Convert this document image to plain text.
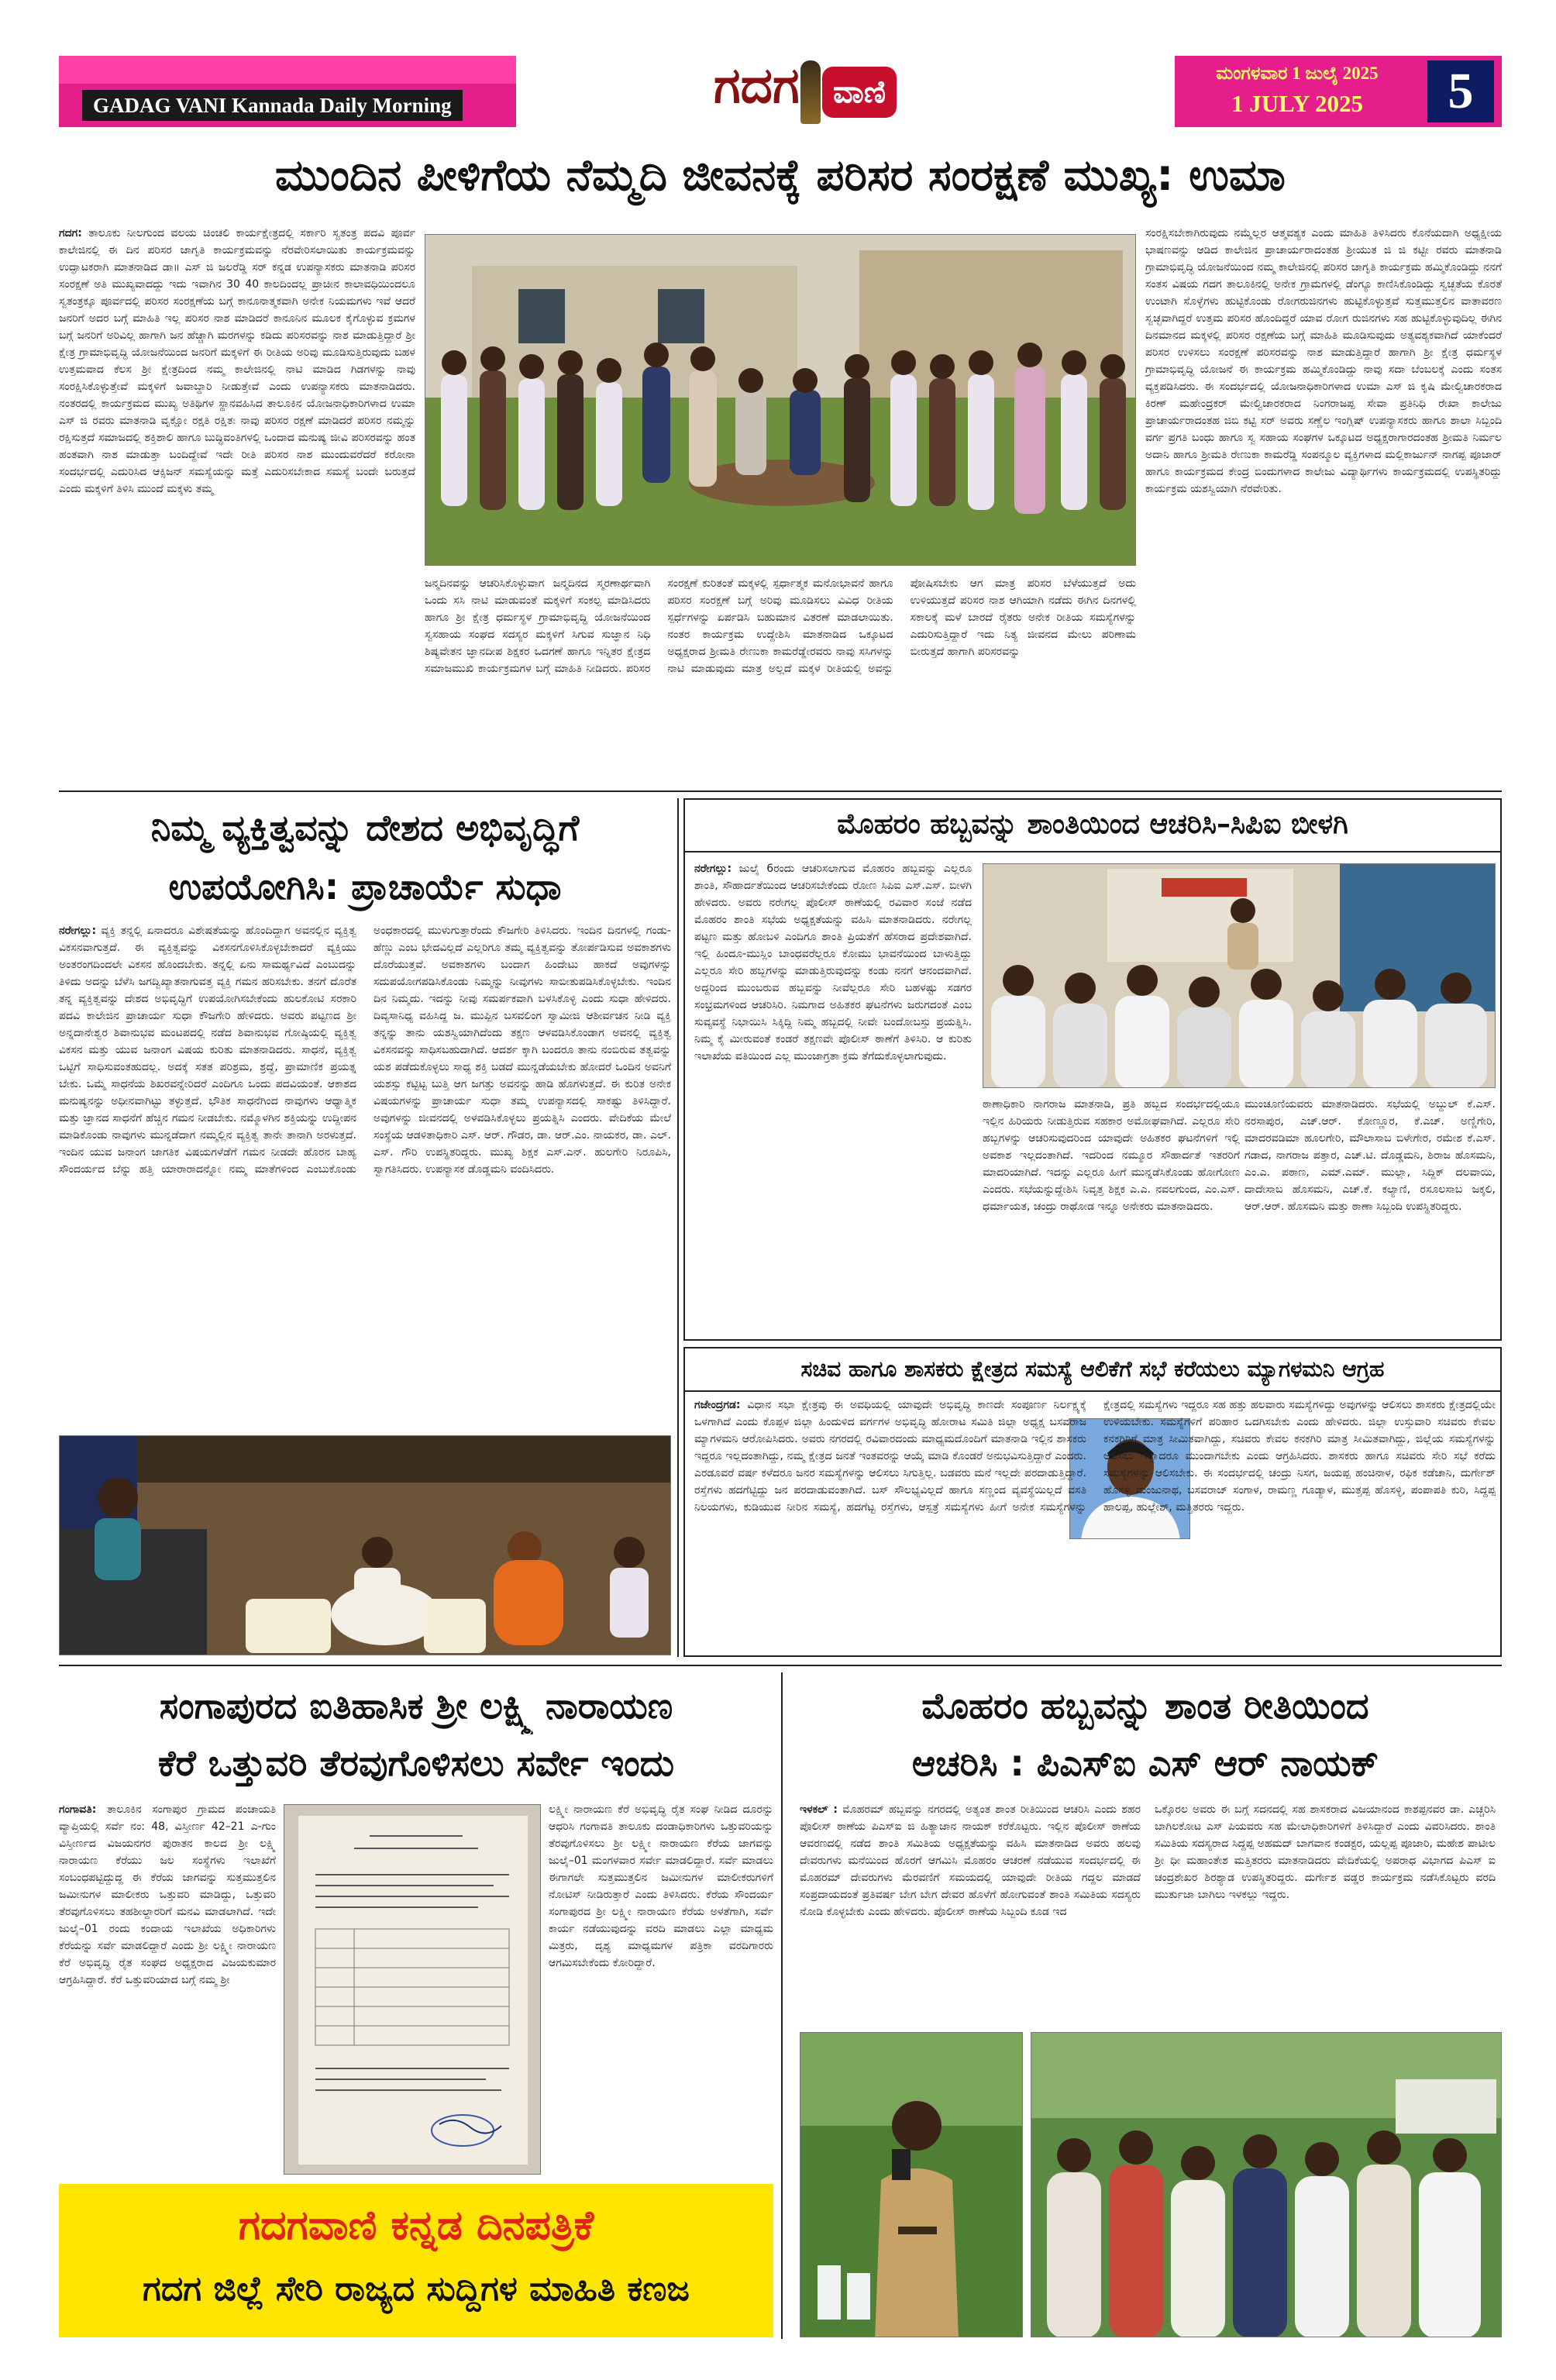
GADAG VANI Kannada Daily Morning	ಗದಗ	ವಾಣಿ
ಮಂಗಳವಾರ 1 ಜುಲೈ 2025
1 JULY 2025	5
ಮುಂದಿನ ಪೀಳಿಗೆಯ ನೆಮ್ಮದಿ ಜೀವನಕ್ಕೆ ಪರಿಸರ ಸಂರಕ್ಷಣೆ ಮುಖ್ಯ: ಉಮಾ
ಗದಗ: ತಾಲೂಕು ನೀಲಗುಂದ ವಲಯ ಚಿಂಚಲಿ ಕಾರ್ಯಕ್ಷೇತ್ರದಲ್ಲಿ ಸರ್ಕಾರಿ ಸ್ವತಂತ್ರ ಪದವಿ ಪೂರ್ವ ಕಾಲೇಜಿನಲ್ಲಿ ಈ ದಿನ ಪರಿಸರ ಜಾಗೃತಿ ಕಾರ್ಯಕ್ರಮವನ್ನು ನೆರವೇರಿಸಲಾಯಿತು ಕಾರ್ಯಕ್ರಮವನ್ನು ಉದ್ಘಾಟಕರಾಗಿ ಮಾತನಾಡಿದ ಡಾ॥ ಎಸ್ ಜಿ ಜಲರೆಡ್ಡಿ ಸರ್ ಕನ್ನಡ ಉಪನ್ಯಾಸಕರು ಮಾತನಾಡಿ ಪರಿಸರ ಸಂರಕ್ಷಣೆ ಅತಿ ಮುಖ್ಯವಾದದ್ದು ಇದು ಇವಾಗಿನ 30 40 ಕಾಲದಿಂದಲ್ಲ ಪ್ರಾಚೀನ ಕಾಲಾವಧಿಯಿಂದಲೂ ಸ್ವತಂತ್ರಕ್ಕೂ ಪೂರ್ವದಲ್ಲಿ ಪರಿಸರ ಸಂರಕ್ಷಣೆಯ ಬಗ್ಗೆ ಕಾನೂನಾತ್ಮಕವಾಗಿ ಅನೇಕ ನಿಯಮಗಳು ಇವೆ ಆದರೆ ಜನರಿಗೆ ಅದರ ಬಗ್ಗೆ ಮಾಹಿತಿ ಇಲ್ಲ ಪರಿಸರ ನಾಶ ಮಾಡಿದರೆ ಕಾನೂನಿನ ಮೂಲಕ ಕೈಗೊಳ್ಳುವ ಕ್ರಮಗಳ ಬಗ್ಗೆ ಜನರಿಗೆ ಅರಿವಿಲ್ಲ ಹಾಗಾಗಿ ಜನ ಹೆಚ್ಚಾಗಿ ಮರಗಳನ್ನು ಕಡಿದು ಪರಿಸರವನ್ನು ನಾಶ ಮಾಡುತ್ತಿದ್ದಾರೆ ಶ್ರೀ ಕ್ಷೇತ್ರ ಗ್ರಾಮಾಭಿವೃದ್ಧಿ ಯೋಜನೆಯಿಂದ ಜನರಿಗೆ ಮಕ್ಕಳಿಗೆ ಈ ರೀತಿಯ ಅರಿವು ಮೂಡಿಸುತ್ತಿರುವುದು ಬಹಳ ಉತ್ತಮವಾದ ಕೆಲಸ ಶ್ರೀ ಕ್ಷೇತ್ರದಿಂದ ನಮ್ಮ ಕಾಲೇಜಿನಲ್ಲಿ ನಾಟಿ ಮಾಡಿದ ಗಿಡಗಳನ್ನು ನಾವು ಸಂರಕ್ಷಿಸಿಕೊಳ್ಳುತ್ತೇವೆ ಮಕ್ಕಳಿಗೆ ಜವಾಬ್ದಾರಿ ನೀಡುತ್ತೇವೆ ಎಂದು ಉಪನ್ಯಾಸಕರು ಮಾತನಾಡಿದರು. ನಂತರದಲ್ಲಿ ಕಾರ್ಯಕ್ರಮದ ಮುಖ್ಯ ಅತಿಥಿಗಳ ಸ್ಥಾನವಹಿಸಿದ ತಾಲೂಕಿನ ಯೋಜನಾಧಿಕಾರಿಗಳಾದ ಉಮಾ ಎಸ್ ಜಿ ರವರು ಮಾತನಾಡಿ ವೃಕ್ಷೋ ರಕ್ಷತಿ ರಕ್ಷಿತಃ ನಾವು ಪರಿಸರ ರಕ್ಷಣೆ ಮಾಡಿದರೆ ಪರಿಸರ ನಮ್ಮನ್ನು ರಕ್ಷಿಸುತ್ತದೆ ಸಮಾಜದಲ್ಲಿ ಶಕ್ತಿಶಾಲಿ ಹಾಗೂ ಬುದ್ಧಿವಂತಿಗಳಲ್ಲಿ ಒಂದಾದ ಮನುಷ್ಯ ಜೀವಿ ಪರಿಸರವನ್ನು ಹಂತ ಹಂತವಾಗಿ ನಾಶ ಮಾಡುತ್ತಾ ಬಂದಿದ್ದೇವೆ ಇದೇ ರೀತಿ ಪರಿಸರ ನಾಶ ಮುಂದುವರೆದರೆ ಕರೋನಾ ಸಂದರ್ಭದಲ್ಲಿ ಎದುರಿಸಿದ ಆಕ್ಸಿಜನ್ ಸಮಸ್ಯೆಯನ್ನು ಮತ್ತೆ ಎದುರಿಸಬೇಕಾದ ಸಮಸ್ಯೆ ಬಂದೇ ಬರುತ್ತದೆ ಎಂದು ಮಕ್ಕಳಿಗೆ ತಿಳಿಸಿ ಮುಂದೆ ಮಕ್ಕಳು ತಮ್ಮ
ಜನ್ಮದಿನವನ್ನು ಆಚರಿಸಿಕೊಳ್ಳುವಾಗ ಜನ್ಮದಿನದ ಸ್ಮರಣಾರ್ಥವಾಗಿ ಒಂದು ಸಸಿ ನಾಟಿ ಮಾಡುವಂತೆ ಮಕ್ಕಳಿಗೆ ಸಂಕಲ್ಪ ಮಾಡಿಸಿದರು ಹಾಗೂ ಶ್ರೀ ಕ್ಷೇತ್ರ ಧರ್ಮಸ್ಥಳ ಗ್ರಾಮಾಭಿವೃದ್ಧಿ ಯೋಜನೆಯಿಂದ ಸ್ವಸಹಾಯ ಸಂಘದ ಸದಸ್ಯರ ಮಕ್ಕಳಿಗೆ ಸಿಗುವ ಸುಜ್ಞಾನ ನಿಧಿ ಶಿಷ್ಯವೇತನ ಜ್ಞಾನದೀಪ ಶಿಕ್ಷಕರ ಒದಗಣೆ ಹಾಗೂ ಇನ್ನಿತರ ಕ್ಷೇತ್ರದ ಸಮಾಜಮುಖಿ ಕಾರ್ಯಕ್ರಮಗಳ ಬಗ್ಗೆ ಮಾಹಿತಿ ನೀಡಿದರು. ಪರಿಸರ ಸಂರಕ್ಷಣೆ ಕುರಿತಂತೆ ಮಕ್ಕಳಲ್ಲಿ ಸ್ಪರ್ಧಾತ್ಮಕ ಮನೋಭಾವನೆ ಹಾಗೂ ಪರಿಸರ ಸಂರಕ್ಷಣೆ ಬಗ್ಗೆ ಅರಿವು ಮೂಡಿಸಲು ವಿವಿಧ ರೀತಿಯ ಸ್ಪರ್ಧೆಗಳನ್ನು ಏರ್ಪಡಿಸಿ ಬಹುಮಾನ ವಿತರಣೆ ಮಾಡಲಾಯಿತು. ನಂತರ ಕಾರ್ಯಕ್ರಮ ಉದ್ದೇಶಿಸಿ ಮಾತನಾಡಿದ ಒಕ್ಕೂಟದ ಅಧ್ಯಕ್ಷರಾದ ಶ್ರೀಮತಿ ರೇಣುಕಾ ಕಾಮರೆಡ್ಡೇರವರು ನಾವು ಸಸಿಗಳನ್ನು ನಾಟಿ ಮಾಡುವುದು ಮಾತ್ರ ಅಲ್ಲದೆ ಮಕ್ಕಳ ರೀತಿಯಲ್ಲಿ ಅವನ್ನು ಪೋಷಿಸಬೇಕು ಆಗ ಮಾತ್ರ ಪರಿಸರ ಬೆಳೆಯುತ್ತದೆ ಅದು ಉಳಿಯುತ್ತದೆ ಪರಿಸರ ನಾಶ ಆಗಿಯಾಗಿ ನಡೆದು ಈಗಿನ ದಿನಗಳಲ್ಲಿ ಸಕಾಲಕ್ಕೆ ಮಳೆ ಬಾರದೆ ರೈತರು ಅನೇಕ ರೀತಿಯ ಸಮಸ್ಯೆಗಳನ್ನು ಎದುರಿಸುತ್ತಿದ್ದಾರೆ ಇದು ನಿತ್ಯ ಜೀವನದ ಮೇಲು ಪರಿಣಾಮ ಬೀರುತ್ತದೆ ಹಾಗಾಗಿ ಪರಿಸರವನ್ನು
ಸಂರಕ್ಷಿಸಬೇಕಾಗಿರುವುದು ನಮ್ಮೆಲ್ಲರ ಆತ್ಮವಶ್ಯಕ ಎಂದು ಮಾಹಿತಿ ತಿಳಿಸಿದರು ಕೊನೆಯದಾಗಿ ಅಧ್ಯಕ್ಷೀಯ ಭಾಷಣವನ್ನು ಆಡಿದ ಕಾಲೇಜಿನ ಪ್ರಾಚಾರ್ಯರಾದಂತಹ ಶ್ರೀಯುತ ಜಿ ಜಿ ಕಟ್ಟೀ ರವರು ಮಾತನಾಡಿ ಗ್ರಾಮಾಭಿವೃದ್ಧಿ ಯೋಜನೆಯಿಂದ ನಮ್ಮ ಕಾಲೇಜಿನಲ್ಲಿ ಪರಿಸರ ಜಾಗೃತಿ ಕಾರ್ಯಕ್ರಮ ಹಮ್ಮಿಕೊಂಡಿದ್ದು ನನಗೆ ಸಂತಸ ವಿಷಯ ಗದಗ ತಾಲೂಕಿನಲ್ಲಿ ಅನೇಕ ಗ್ರಾಮಗಳಲ್ಲಿ ಡೆಂಗ್ಯೂ ಕಾಣಿಸಿಕೊಂಡಿದ್ದು ಸ್ವಚ್ಛತೆಯ ಕೊರತೆ ಉಂಟಾಗಿ ಸೊಳ್ಳೆಗಳು ಹುಟ್ಟಿಕೊಂಡು ರೋಗರುಜಿನಗಳು ಹುಟ್ಟಿಕೊಳ್ಳುತ್ತವೆ ಸುತ್ತಮುತ್ತಲಿನ ವಾತಾವರಣ ಸ್ವಚ್ಛವಾಗಿದ್ದರೆ ಉತ್ತಮ ಪರಿಸರ ಹೊಂದಿದ್ದರೆ ಯಾವ ರೋಗ ರುಜಿನಗಳು ಸಹ ಹುಟ್ಟಿಕೊಳ್ಳುವುದಿಲ್ಲ ಈಗಿನ ದಿನಮಾನದ ಮಕ್ಕಳಲ್ಲಿ ಪರಿಸರ ರಕ್ಷಣೆಯ ಬಗ್ಗೆ ಮಾಹಿತಿ ಮೂಡಿಸುವುದು ಅತ್ಯವಶ್ಯಕವಾಗಿದೆ ಯಾಕೆಂದರೆ ಪರಿಸರ ಉಳಿಸಲು ಸಂರಕ್ಷಣೆ ಪರಿಸರವನ್ನು ನಾಶ ಮಾಡುತ್ತಿದ್ದಾರೆ ಹಾಗಾಗಿ ಶ್ರೀ ಕ್ಷೇತ್ರ ಧರ್ಮಸ್ಥಳ ಗ್ರಾಮಾಭಿವೃದ್ಧಿ ಯೋಜನೆ ಈ ಕಾರ್ಯಕ್ರಮ ಹಮ್ಮಿಕೊಂಡಿದ್ದು ನಾವು ಸದಾ ಬೆಂಬಲಕ್ಕೆ ಎಂದು ಸಂತಸ ವ್ಯಕ್ತಪಡಿಸಿದರು. ಈ ಸಂದರ್ಭದಲ್ಲಿ ಯೋಜನಾಧಿಕಾರಿಗಳಾದ ಉಮಾ ಎಸ್ ಜಿ ಕೃಷಿ ಮೇಲ್ವಿಚಾರಕರಾದ ಕಿರಣ್ ಮಹೇಂದ್ರಕರ್ ಮೇಲ್ವಿಚಾರಕರಾದ ನಿಂಗರಾಜಪ್ಪ ಸೇವಾ ಪ್ರತಿನಿಧಿ ರೇಖಾ ಕಾಲೇಜು ಪ್ರಾಚಾರ್ಯರಾದಂತಹ ಜಿಬಿ ಕಟ್ಟಿ ಸರ್ ಅವರು ಸಣ್ಣೆಲ ಇಂಗ್ಲಿಷ್ ಉಪನ್ಯಾಸಕರು ಹಾಗೂ ಶಾಲಾ ಸಿಬ್ಬಂದಿ ವರ್ಗ ಪ್ರಗತಿ ಬಂಧು ಹಾಗೂ ಸ್ವ ಸಹಾಯ ಸಂಘಗಳ ಒಕ್ಕೂಟದ ಅಧ್ಯಕ್ಷರಾಗಾರದಂತಹ ಶ್ರೀಮತಿ ನಿರ್ಮಲ ಅದಾನಿ ಹಾಗೂ ಶ್ರೀಮತಿ ರೇಣುಕಾ ಕಾಮರೆಡ್ಡಿ ಸಂಪನ್ಮೂಲ ವ್ಯಕ್ತಿಗಳಾದ ಮಲ್ಲಿಕಾರ್ಜುನ್ ನಾಗಪ್ಪ ಪೂಜಾರ್ ಹಾಗೂ ಕಾರ್ಯಕ್ರಮದ ಕೇಂದ್ರ ಬಿಂದುಗಳಾದ ಕಾಲೇಜು ವಿದ್ಯಾರ್ಥಿಗಳು ಕಾರ್ಯಕ್ರಮದಲ್ಲಿ ಉಪಸ್ಥಿತರಿದ್ದು ಕಾರ್ಯಕ್ರಮ ಯಶಸ್ವಿಯಾಗಿ ನೆರವೇರಿತು.
ನಿಮ್ಮ ವ್ಯಕ್ತಿತ್ವವನ್ನು ದೇಶದ ಅಭಿವೃದ್ಧಿಗೆ
ಉಪಯೋಗಿಸಿ: ಪ್ರಾಚಾರ್ಯೆ ಸುಧಾ
ನರೇಗಲ್ಲು: ವ್ಯಕ್ತಿ ತನ್ನಲ್ಲಿ ಏನಾದರೂ ವಿಶೇಷತೆಯನ್ನು ಹೊಂದಿದ್ದಾಗ ಅವನಲ್ಲಿನ ವ್ಯಕ್ತಿತ್ವ ವಿಕಸನವಾಗುತ್ತದೆ. ಈ ವ್ಯಕ್ತಿತ್ವವನ್ನು ವಿಕಸನಗೊಳಿಸಿಕೊಳ್ಳಬೇಕಾದರೆ ವ್ಯಕ್ತಿಯು ಅಂತರಂಗದಿಂದಲೇ ವಿಕಸನ ಹೊಂದಬೇಕು. ತನ್ನಲ್ಲಿ ಏನು ಸಾಮರ್ಥ್ಯವಿದೆ ಎಂಬುದನ್ನು ತಿಳಿದು ಅದನ್ನು ಬೆಳೆಸಿ ಜಗದ್ವಿಖ್ಯಾತನಾಗುವತ್ತ ವ್ಯಕ್ತಿ ಗಮನ ಹರಿಸಬೇಕು. ತನಗೆ ದೊರೆತ ತನ್ನ ವ್ಯಕ್ತಿತ್ವವನ್ನು ದೇಶದ ಅಭಿವೃದ್ಧಿಗೆ ಉಪಯೋಗಿಸಬೇಕೆಂದು ಹುಲಕೋಟಿ ಸರಕಾರಿ ಪದವಿ ಕಾಲೇಜಿನ ಪ್ರಾಚಾರ್ಯ ಸುಧಾ ಕೌಜಗೇರಿ ಹೇಳಿದರು. ಅವರು ಪಟ್ಟಣದ ಶ್ರೀ ಅನ್ನದಾನೇಶ್ವರ ಶಿವಾನುಭವ ಮಂಟಪದಲ್ಲಿ ನಡೆದ ಶಿವಾನುಭವ ಗೋಷ್ಠಿಯಲ್ಲಿ ವ್ಯಕ್ತಿತ್ವ ವಿಕಸನ ಮತ್ತು ಯುವ ಜನಾಂಗ ವಿಷಯ ಕುರಿತು ಮಾತನಾಡಿದರು. ಸಾಧನೆ, ವ್ಯಕ್ತಿತ್ವ ಒಟ್ಟಿಗೆ ಸಾಧಿಸುವಂತಹುದಲ್ಲ. ಅದಕ್ಕೆ ಸತತ ಪರಿಶ್ರಮ, ಶ್ರದ್ಧೆ, ಪ್ರಾಮಾಣಿಕ ಪ್ರಯತ್ನ ಬೇಕು. ಒಮ್ಮೆ ಸಾಧನೆಯ ಶಿಖರವನ್ನೇರಿದರೆ ಎಂದಿಗೂ ಒಂದು ಪದವಿಯಂತೆ. ಆಕಾಶದ ಮನುಷ್ಯನನ್ನು ಅಧೀನವಾಗಿಟ್ಟು ತಳ್ಳುತ್ತದೆ. ಭೌತಿಕ ಸಾಧನೆಗಿಂದ ನಾವುಗಳು ಆಧ್ಯಾತ್ಮಿಕ ಮತ್ತು ಜ್ಞಾನದ ಸಾಧನೆಗೆ ಹೆಚ್ಚಿನ ಗಮನ ನೀಡಬೇಕು. ನಮ್ಮೊಳಗಿನ ಶಕ್ತಿಯನ್ನು ಉದ್ದೀಪನ ಮಾಡಿಕೊಂಡು ನಾವುಗಳು ಮುನ್ನಡೆದಾಗ ನಮ್ಮಲ್ಲಿನ ವ್ಯಕ್ತಿತ್ವ ತಾನೇ ತಾನಾಗಿ ಅರಳುತ್ತದೆ. ಇಂದಿನ ಯುವ ಜನಾಂಗ ಜಾಗತಿಕ ವಿಷಯಗಳೆಡೆಗೆ ಗಮನ ನೀಡದೇ ಹೊರನ ಬಾಹ್ಯ ಸೌಂದರ್ಯದ ಬೆನ್ನು ಹತ್ತಿ ಯಾರಾರಾದನ್ನೋ ನಮ್ಮ ಮಾತೆಗಳಿಂದ ಎಂಬುಕೊಂಡು ಅಂಧಕಾರದಲ್ಲಿ ಮುಳುಗುತ್ತಾರೆಂದು ಕೌಜಗೇರಿ ತಿಳಿಸಿದರು. ಇಂದಿನ ದಿನಗಳಲ್ಲಿ ಗಂಡು-ಹೆಣ್ಣು ಎಂಬ ಭೇದವಿಲ್ಲದೆ ಎಲ್ಲರಿಗೂ ತಮ್ಮ ವ್ಯಕ್ತಿತ್ವವನ್ನು ತೋರ್ಪಡಿಸುವ ಅವಕಾಶಗಳು ದೊರೆಯುತ್ತವೆ. ಅವಕಾಶಗಳು ಬಂದಾಗ ಹಿಂದೇಟು ಹಾಕದೆ ಅವುಗಳನ್ನು ಸದುಪಯೋಗಪಡಿಸಿಕೊಂಡು ನಿಮ್ಮನ್ನು ನೀವುಗಳು ಸಾಬೀತುಪಡಿಸಿಕೊಳ್ಳಬೇಕು. ಇಂದಿನ ದಿನ ನಿಮ್ಮದು. ಇದನ್ನು ನೀವು ಸಮರ್ಪಕವಾಗಿ ಬಳಸಿಕೊಳ್ಳಿ ಎಂದು ಸುಧಾ ಹೇಳಿದರು. ದಿವ್ಯಸಾನಿಧ್ಯ ವಹಿಸಿದ್ದ ಜ. ಮುಪ್ಪಿನ ಬಸವಲಿಂಗ ಸ್ವಾಮೀಜಿ ಆಶೀರ್ವಚನ ನೀಡಿ ವ್ಯಕ್ತಿ ತನ್ನನ್ನು ತಾನು ಯಶಸ್ವಿಯಾಗಿದೆಂದು ತಕ್ಷಣ ಆಳವಡಿಸಿಕೊಂಡಾಗ ಅವನಲ್ಲಿ ವ್ಯಕ್ತಿತ್ವ ವಿಕಸನವನ್ನು ಸಾಧಿಸಬಹುದಾಗಿದೆ. ಆದರ್ಶ ಕ್ಕಾಗಿ ಬಂದರೂ ತಾನು ನಂಬಿರುವ ತತ್ವವನ್ನು ಯಶ ಪಡೆದುಕೊಳ್ಳಲು ಸಾಧ್ಯ ಶಕ್ತಿ ಬಡದೆ ಮುನ್ನಡೆಯಬೇಕು ಹೋದರೆ ಒಂದಿನ ಅವನಿಗೆ ಯಶಸ್ಸು ಕಟ್ಟಿಟ್ಟ ಬುತ್ತಿ ಆಗ ಜಗತ್ತು ಅವನನ್ನು ಹಾಡಿ ಹೊಗಳುತ್ತದೆ. ಈ ಕುರಿತ ಅನೇಕ ವಿಷಯಗಳನ್ನು ಪ್ರಾಚಾರ್ಯ ಸುಧಾ ತಮ್ಮ ಉಪನ್ಯಾಸದಲ್ಲಿ ಸಾಕಷ್ಟು ತಿಳಿಸಿದ್ದಾರೆ. ಅವುಗಳನ್ನು ಜೀವನದಲ್ಲಿ ಅಳವಡಿಸಿಕೊಳ್ಳಲು ಪ್ರಯತ್ನಿಸಿ ಎಂದರು. ವೇದಿಕೆಯ ಮೇಲೆ ಸಂಸ್ಥೆಯ ಆಡಳಿತಾಧಿಕಾರಿ ಎಸ್. ಆರ್. ಗೌಡರ, ಡಾ. ಆರ್.ಎಂ. ನಾಯಕರ, ಡಾ. ಎಲ್. ಎಸ್. ಗೌರಿ ಉಪಸ್ಥಿತರಿದ್ದರು. ಮುಖ್ಯ ಶಿಕ್ಷಕ ಎಸ್.ಎನ್. ಹುಲಗೇರಿ ನಿರೂಪಿಸಿ, ಸ್ವಾಗತಿಸಿದರು. ಉಪನ್ಯಾಸಕ ಡೊಡ್ಡಮನಿ ವಂದಿಸಿದರು.
ಮೊಹರಂ ಹಬ್ಬವನ್ನು ಶಾಂತಿಯಿಂದ ಆಚರಿಸಿ–ಸಿಪಿಐ ಬೀಳಗಿ
ನರೇಗಲ್ಲು: ಜುಲೈ 6ರಂದು ಆಚರಿಸಲಾಗುವ ಮೊಹರಂ ಹಬ್ಬವನ್ನು ಎಲ್ಲರೂ ಶಾಂತಿ, ಸೌಹಾರ್ದತೆಯಿಂದ ಆಚರಿಸಬೇಕೆಂದು ರೋಣ ಸಿಪಿಐ ಎಸ್.ಎಸ್. ಬೀಳಗಿ ಹೇಳಿದರು. ಅವರು ನರೇಗಲ್ಲ ಪೊಲೀಸ್ ಠಾಣೆಯಲ್ಲಿ ರವಿವಾರ ಸಂಜೆ ನಡೆದ ಮೊಹರಂ ಶಾಂತಿ ಸಭೆಯ ಅಧ್ಯಕ್ಷತೆಯನ್ನು ವಹಿಸಿ ಮಾತನಾಡಿದರು. ನರೇಗಲ್ಲ ಪಟ್ಟಣ ಮತ್ತು ಹೋಬಳಿ ಎಂದಿಗೂ ಶಾಂತಿ ಪ್ರಿಯತೆಗೆ ಹೆಸರಾದ ಪ್ರದೇಶವಾಗಿದೆ. ಇಲ್ಲಿ ಹಿಂದೂ-ಮುಸ್ಲಿಂ ಬಾಂಧವರೆಲ್ಲರೂ ಕೋಮು ಭಾವನೆಯಿಂದ ಬಾಳುತ್ತಿದ್ದು ಎಲ್ಲರೂ ಸೇರಿ ಹಬ್ಬಗಳನ್ನು ಮಾಡುತ್ತಿರುವುದನ್ನು ಕಂಡು ನನಗೆ ಆನಂದವಾಗಿದೆ. ಅದ್ದರಿಂದ ಮುಂಬರುವ ಹಬ್ಬವನ್ನು ನೀವೆಲ್ಲರೂ ಸೇರಿ ಬಹಳಷ್ಟು ಸಡಗರ ಸಂಭ್ರಮಗಳಿಂದ ಆಚರಿಸಿರಿ. ನಿಮಗಾದ ಅಹಿತಕರ ಘಟನೆಗಳು ಜರುಗದಂತೆ ಎಂಬ ಸುವ್ಯವಸ್ಥೆ ನಿಭಾಯಿಸಿ ಸಿಕ್ಕಿದ್ದಿ ನಿಮ್ಮ ಹಬ್ಬದಲ್ಲಿ ನೀವೇ ಬಂದೋಬಸ್ತು ಪ್ರಯತ್ನಿಸಿ. ನಿಮ್ಮ ಕೈ ಮೀರುವಂತೆ ಕಂಡರೆ ತಕ್ಷಣವೇ ಪೊಲೀಸ್ ಠಾಣೆಗೆ ತಿಳಿಸಿರಿ. ಆ ಕುರಿತು ಇಲಾಖೆಯ ವತಿಯಿಂದ ಎಲ್ಲ ಮುಂಜಾಗ್ರತಾ ಕ್ರಮ ತೆಗೆದುಕೊಳ್ಳಲಾಗುವುದು.
ಠಾಣಾಧಿಕಾರಿ ನಾಗರಾಜ ಮಾತನಾಡಿ, ಪ್ರತಿ ಹಬ್ಬದ ಸಂದರ್ಭದಲ್ಲಿಯೂ ಇಲ್ಲಿನ ಹಿರಿಯರು ನೀಡುತ್ತಿರುವ ಸಹಕಾರ ಅಮೋಘವಾಗಿದೆ. ಎಲ್ಲರೂ ಸೇರಿ ಹಬ್ಬಗಳನ್ನು ಆಚರಿಸುವುದರಿಂದ ಯಾವುದೇ ಅಹಿತಕರ ಘಟನೆಗಳಿಗೆ ಇಲ್ಲಿ ಅವಕಾಶ ಇಲ್ಲದಂತಾಗಿದೆ. ಇದರಿಂದ ನಮ್ಮೂರ ಸೌಹಾರ್ದತೆ ಇತರರಿಗೆ ಮಾದರಿಯಾಗಿದೆ. ಇದನ್ನು ಎಲ್ಲರೂ ಹೀಗೆ ಮುನ್ನಡೆಸಿಕೊಂಡು ಹೋಗೋಣ ಎಂದರು. ಸಭೆಯನ್ನುದ್ದೇಶಿಸಿ ನಿವೃತ್ತ ಶಿಕ್ಷಕ ಎ.ಎ. ನವಲಗುಂದ, ಎಂ.ಎಸ್. ಧರ್ಮಾಯತ, ಚಂದ್ರು ರಾಥೋಡ ಇನ್ನೂ ಅನೇಕರು ಮಾತನಾಡಿದರು.
ಮುಂಚೂಣಿಯವರು ಮಾತನಾಡಿದರು. ಸಭೆಯಲ್ಲಿ ಅಬ್ದುಲ್ ಕೆ.ಎಸ್. ನರಸಾಪುರ, ಎಚ್.ಆರ್. ಕೋಣ್ಣೂರ, ಕೆ.ಎಚ್. ಅಣ್ಣಿಗೇರಿ, ಮಾದರವಡಿಮಾ ಹೂಲಗೇರಿ, ಮೌಲಾಸಾಬ ಬಿಳೇಗೇರ, ರಮೇಶ ಕೆ.ಎಸ್. ಗಡಾದ, ನಾಗರಾಜ ಪತ್ತಾರ, ಎಚ್.ಟಿ. ದೊಡ್ಡಮನಿ, ಶಿರಾಜ ಹೊಸಮನಿ, ಎಂ.ಎ. ಪಠಾಣ, ಎಮ್.ಎಮ್. ಮುಲ್ಲಾ, ಸಿದ್ದಿಕ್ ದಲವಾಯಿ, ದಾದೇಸಾಬ ಹೊಸಮನಿ, ಎಚ್.ಕೆ. ಕಲ್ಯಾಣಿ, ರಸೂಲಸಾಬ ಜಕ್ಕಲಿ, ಆರ್.ಆರ್. ಹೊಸಮನಿ ಮತ್ತು ಠಾಣಾ ಸಿಬ್ಬಂದಿ ಉಪಸ್ಥಿತರಿದ್ದರು.
ಸಚಿವ ಹಾಗೂ ಶಾಸಕರು ಕ್ಷೇತ್ರದ ಸಮಸ್ಯೆ ಆಲಿಕೆಗೆ ಸಭೆ ಕರೆಯಲು ಮ್ಯಾಗಳಮನಿ ಆಗ್ರಹ
ಗಜೇಂದ್ರಗಡ: ವಿಧಾನ ಸಭಾ ಕ್ಷೇತ್ರವು ಈ ಅವಧಿಯಲ್ಲಿ ಯಾವುದೇ ಅಭಿವೃದ್ಧಿ ಕಾಣದೇ ಸಂಪೂರ್ಣ ನಿರ್ಲಕ್ಷ್ಯಕ್ಕೆ ಒಳಗಾಗಿದೆ ಎಂದು ಕೊಪ್ಪಳ ಜಿಲ್ಲಾ ಹಿಂದುಳಿದ ವರ್ಗಗಳ ಅಭಿವೃದ್ಧಿ ಹೋರಾಟ ಸಮಿತಿ ಜಿಲ್ಲಾ ಅಧ್ಯಕ್ಷ ಬಸವರಾಜ ಮ್ಯಾಗಳಮನಿ ಆರೋಪಿಸಿದರು. ಅವರು ನಗರದಲ್ಲಿ ರವಿವಾರದಂದು ಮಾಧ್ಯಮದೊಂದಿಗೆ ಮಾತನಾಡಿ ಇಲ್ಲಿನ ಶಾಸಕರು ಇದ್ದರೂ ಇಲ್ಲದಂತಾಗಿದ್ದು, ನಮ್ಮ ಕ್ಷೇತ್ರದ ಜನತೆ ಇಂತವರನ್ನು ಆಯ್ಕೆ ಮಾಡಿ ಕೊಂಡರೆ ಅನುಭವಿಸುತ್ತಿದ್ದಾರೆ ಎಂದರು. ಎರಡೂವರೆ ವರ್ಷ ಕಳೆದರೂ ಜನರ ಸಮಸ್ಯೆಗಳನ್ನು ಆಲಿಸಲು ಸಿಗುತ್ತಿಲ್ಲ. ಬಡವರು ಮನೆ ಇಲ್ಲದೇ ಪರದಾಡುತ್ತಿದ್ದಾರೆ. ರಸ್ತೆಗಳು ಹದಗೆಟ್ಟಿದ್ದು ಜನ ಪರದಾಡುವಂತಾಗಿದೆ. ಬಸ್ ಸೌಲಭ್ಯವಿಲ್ಲದೆ ಹಾಗೂ ಸಣ್ಣಂದ ವ್ಯವಸ್ಥೆಯಿಲ್ಲದೆ ವಸತಿ ನಿಲಯಗಳು, ಕುಡಿಯುವ ನೀರಿನ ಸಮಸ್ಯೆ, ಹದಗೆಟ್ಟ ರಸ್ತೆಗಳು, ಆಸ್ಪತ್ರೆ ಸಮಸ್ಯೆಗಳು ಹೀಗೆ ಅನೇಕ ಸಮಸ್ಯೆಗಳನ್ನು ಕ್ಷೇತ್ರದಲ್ಲಿ ಸಮಸ್ಯೆಗಳು ಇದ್ದರೂ ಸಹ ಹತ್ತು ಹಲವಾರು ಸಮಸ್ಯೆಗಳಿದ್ದು ಅವುಗಳನ್ನು ಆಲಿಸಲು ಶಾಸಕರು ಕ್ಷೇತ್ರದಲ್ಲಿಯೇ ಉಳಿಯಬೇಕು. ಸಮಸ್ಯೆಗಳಿಗೆ ಪರಿಹಾರ ಒದಗಿಸಬೇಕು ಎಂದು ಹೇಳಿದರು. ಜಿಲ್ಲಾ ಉಸ್ತುವಾರಿ ಸಚಿವರು ಕೇವಲ ಕನಕಗಿರಿಗೆ ಮಾತ್ರ ಸೀಮಿತವಾಗಿದ್ದು, ಸಚಿವರು ಕೇವಲ ಕನಕಗಿರಿ ಮಾತ್ರ ಸೀಮಿತವಾಗಿದ್ದು, ಜಿಲ್ಲೆಯ ಸಮಸ್ಯೆಗಳನ್ನು ಆಲಿಸಲು ಇನ್ನಾದರೂ ಮುಂದಾಗಬೇಕು ಎಂದು ಆಗ್ರಹಿಸಿದರು. ಶಾಸಕರು ಹಾಗೂ ಸಚಿವರು ಸೇರಿ ಸಭೆ ಕರೆದು ಸಮಸ್ಯೆಗಳನ್ನು ಆಲಿಸಬೇಕು. ಈ ಸಂದರ್ಭದಲ್ಲಿ ಚಂದ್ರು ನಿಸಗ, ಜಯಪ್ಪ ಹಂಚಿನಾಳ, ರಫಿಕ ಕಡೆಚಾನಿ, ದುರ್ಗೇಶ್ ಹೊಸಳ್ಳಿ ಮಂಜುನಾಥ, ಬಸವರಾಜ್ ಸಂಗಾಳ, ರಾಮಣ್ಣ ಗೂಡ್ಯಾಳ, ಮುತ್ತಪ್ಪ ಹೊಸಳ್ಳಿ, ಪಂಪಾಪತಿ ಕುರಿ, ಸಿದ್ದಪ್ಪ ಹಾಲಪ್ಪ, ಹುಲ್ಲೇಶ್, ಮತ್ತಿತರರು ಇದ್ದರು.
ಸಂಗಾಪುರದ ಐತಿಹಾಸಿಕ ಶ್ರೀ ಲಕ್ಷ್ಮಿ ನಾರಾಯಣ
ಕೆರೆ ಒತ್ತುವರಿ ತೆರವುಗೊಳಿಸಲು ಸರ್ವೇ ಇಂದು
ಗಂಗಾವತಿ: ತಾಲೂಕಿನ ಸಂಗಾಪುರ ಗ್ರಾಮದ ಪಂಚಾಯತಿ ವ್ಯಾಪ್ತಿಯಲ್ಲಿ ಸರ್ವೆ ನಂ: 48, ವಿಸ್ತೀರ್ಣ 42–21 ಎ-ಗುಂ ವಿಸ್ತೀರ್ಣದ ವಿಜಯನಗರ ಪುರಾತನ ಕಾಲದ ಶ್ರೀ ಲಕ್ಷ್ಮಿ ನಾರಾಯಣ ಕೆರೆಯು ಜಲ ಸಂಸ್ಥೆಗಳು ಇಲಾಖೆಗೆ ಸಂಬಂಧಪಟ್ಟಿದ್ದುದ್ದ ಈ ಕೆರೆಯ ಜಾಗವನ್ನು ಸುತ್ತಮುತ್ತಲಿನ ಜಮೀನುಗಳ ಮಾಲೀಕರು ಒತ್ತುವರಿ ಮಾಡಿದ್ದು, ಒತ್ತುವರಿ ತೆರವುಗೊಳಿಸಲು ತಹಶೀಲ್ದಾರರಿಗೆ ಮನವಿ ಮಾಡಲಾಗಿದೆ. ಇದೇ ಜುಲೈ–01 ರಂದು ಕಂದಾಯ ಇಲಾಖೆಯ ಅಧಿಕಾರಿಗಳು ಕೆರೆಯನ್ನು ಸರ್ವೆ ಮಾಡಲಿದ್ದಾರೆ ಎಂದು ಶ್ರೀ ಲಕ್ಷ್ಮೀ ನಾರಾಯಣ ಕೆರೆ ಅಭಿವೃದ್ಧಿ ರೈತ ಸಂಘದ ಅಧ್ಯಕ್ಷರಾದ ವಿಜಯಕುಮಾರ ಆಗ್ರಹಿಸಿದ್ದಾರೆ. ಕೆರೆ ಒತ್ತುವರಿಯಾದ ಬಗ್ಗೆ ನಮ್ಮ ಶ್ರೀ
ಲಕ್ಷ್ಮೀ ನಾರಾಯಣ ಕೆರೆ ಅಭಿವೃದ್ಧಿ ರೈತ ಸಂಘ ನೀಡಿದ ದೂರನ್ನು ಆಧರಿಸಿ ಗಂಗಾವತಿ ತಾಲೂಕು ದಂಡಾಧಿಕಾರಿಗಳು ಒತ್ತುವರಿಯನ್ನು ತೆರವುಗೊಳಿಸಲು ಶ್ರೀ ಲಕ್ಷ್ಮೀ ನಾರಾಯಣ ಕೆರೆಯ ಜಾಗವನ್ನು ಜುಲೈ–01 ಮಂಗಳವಾರ ಸರ್ವೇ ಮಾಡಲಿದ್ದಾರೆ. ಸರ್ವೆ ಮಾಡಲು ಈಗಾಗಲೇ ಸುತ್ತಮುತ್ತಲಿನ ಜಮೀನುಗಳ ಮಾಲೀಕರುಗಳಿಗೆ ನೋಟಿಸ್ ನೀಡಿರುತ್ತಾರೆ ಎಂದು ತಿಳಿಸಿದರು. ಕೆರೆಯ ಸೌಂದರ್ಯ ಸಂಗಾಪುರದ ಶ್ರೀ ಲಕ್ಷ್ಮೀ ನಾರಾಯಣ ಕೆರೆಯ ಅಳತೆಗಾಗಿ, ಸರ್ವೆ ಕಾರ್ಯ ನಡೆಯುವುದನ್ನು ವರದಿ ಮಾಡಲು ಎಲ್ಲಾ ಮಾಧ್ಯಮ ಮಿತ್ರರು, ದೃಶ್ಯ ಮಾಧ್ಯಮಗಳ ಪತ್ರಿಕಾ ವರದಿಗಾರರು ಆಗಮಿಸಬೇಕೆಂದು ಕೋರಿದ್ದಾರೆ.
ಗದಗವಾಣಿ ಕನ್ನಡ ದಿನಪತ್ರಿಕೆ
ಗದಗ ಜಿಲ್ಲೆ ಸೇರಿ ರಾಜ್ಯದ ಸುದ್ದಿಗಳ ಮಾಹಿತಿ ಕಣಜ
ಮೊಹರಂ ಹಬ್ಬವನ್ನು ಶಾಂತ ರೀತಿಯಿಂದ
ಆಚರಿಸಿ : ಪಿಎಸ್ಐ ಎಸ್ ಆರ್ ನಾಯಕ್
ಇಳಕಲ್ : ಮೊಹರಮ್ ಹಬ್ಬವನ್ನು ನಗರದಲ್ಲಿ ಅತ್ಯಂತ ಶಾಂತ ರೀತಿಯಿಂದ ಆಚರಿಸಿ ಎಂದು ಶಹರ ಪೊಲೀಸ್ ಠಾಣೆಯ ಪಿಎಸ್ಐ ಜಿ ಹಿತ್ಯಾಜಾನ ನಾಯಕ್ ಕರೆಕೊಟ್ಟರು. ಇಲ್ಲಿನ ಪೊಲೀಸ್ ಠಾಣೆಯ ಆವರಣದಲ್ಲಿ ನಡೆದ ಶಾಂತಿ ಸಮಿತಿಯ ಅಧ್ಯಕ್ಷತೆಯನ್ನು ವಹಿಸಿ ಮಾತನಾಡಿದ ಅವರು ಹಲವು ದೇವರುಗಳು ಮನೆಯಿಂದ ಹೊರಗೆ ಆಗಮಿಸಿ ಮೊಹರಂ ಆಚರಣೆ ನಡೆಯುವ ಸಂದರ್ಭದಲ್ಲಿ ಈ ಮೊಹರಮ್ ದೇವರುಗಳು ಮೆರವಣಿಗೆ ಸಮಯದಲ್ಲಿ ಯಾವುದೇ ರೀತಿಯ ಗದ್ದಲ ಮಾಡದೆ ಸಂಪ್ರದಾಯದಂತೆ ಪ್ರತಿವರ್ಷ ಬೇಗ ಬೇಗ ದೇವರ ಹೊಳೆಗೆ ಹೋಗುವಂತೆ ಶಾಂತಿ ಸಮಿತಿಯ ಸದಸ್ಯರು ನೋಡಿ ಕೊಳ್ಳಬೇಕು ಎಂದು ಹೇಳಿದರು. ಪೊಲೀಸ್ ಠಾಣೆಯ ಸಿಬ್ಬಂದಿ ಕೂಡ ಇದ
ಒಕ್ಕೊರಲ ಅವರು ಈ ಬಗ್ಗೆ ಸದನದಲ್ಲಿ ಸಹ ಶಾಸಕರಾದ ವಿಜಯಾನಂದ ಕಾಶಪ್ಪನವರ ಡಾ. ಎಚ್ಚರಿಸಿ ಬಾಗಿಲಕೋಟ ಎಸ್ ಪಿಯವರು ಸಹ ಮೇಲಾಧಿಕಾರಿಗಳಿಗೆ ತಿಳಿಸಿದ್ದಾರೆ ಎಂದು ವಿವರಿಸಿದರು. ಶಾಂತಿ ಸಮಿತಿಯ ಸದಸ್ಯರಾದ ಸಿದ್ದಪ್ಪ ಅಹಮದ್ ಬಾಗವಾನ ಕಂಡಕ್ಟರ, ಯಲ್ಲಪ್ಪ ಪೂಜಾರಿ, ಮಹೇಶ ಪಾಟೀಲ ಶ್ರೀ ಧೀ ಮಹಾಂತೇಶ ಮತ್ತಿತರರು ಮಾತನಾಡಿದರು ವೇದಿಕೆಯಲ್ಲಿ ಅಪರಾಧ ವಿಭಾಗದ ಪಿಎಸ್ ಐ ಚಂದ್ರಶೇಖರ ಶಿರಶ್ಯಾಡ ಉಪಸ್ಥಿತರಿದ್ದರು. ದುರ್ಗೇಶ ವಡ್ಡರ ಕಾರ್ಯಕ್ರಮ ನಡೆಸಿಕೊಟ್ಟರು ವರದಿ ಮುರ್ತುಜಾ ಬಾಗಿಲು ಇಳಕಲ್ಲು ಇದ್ದರು.
